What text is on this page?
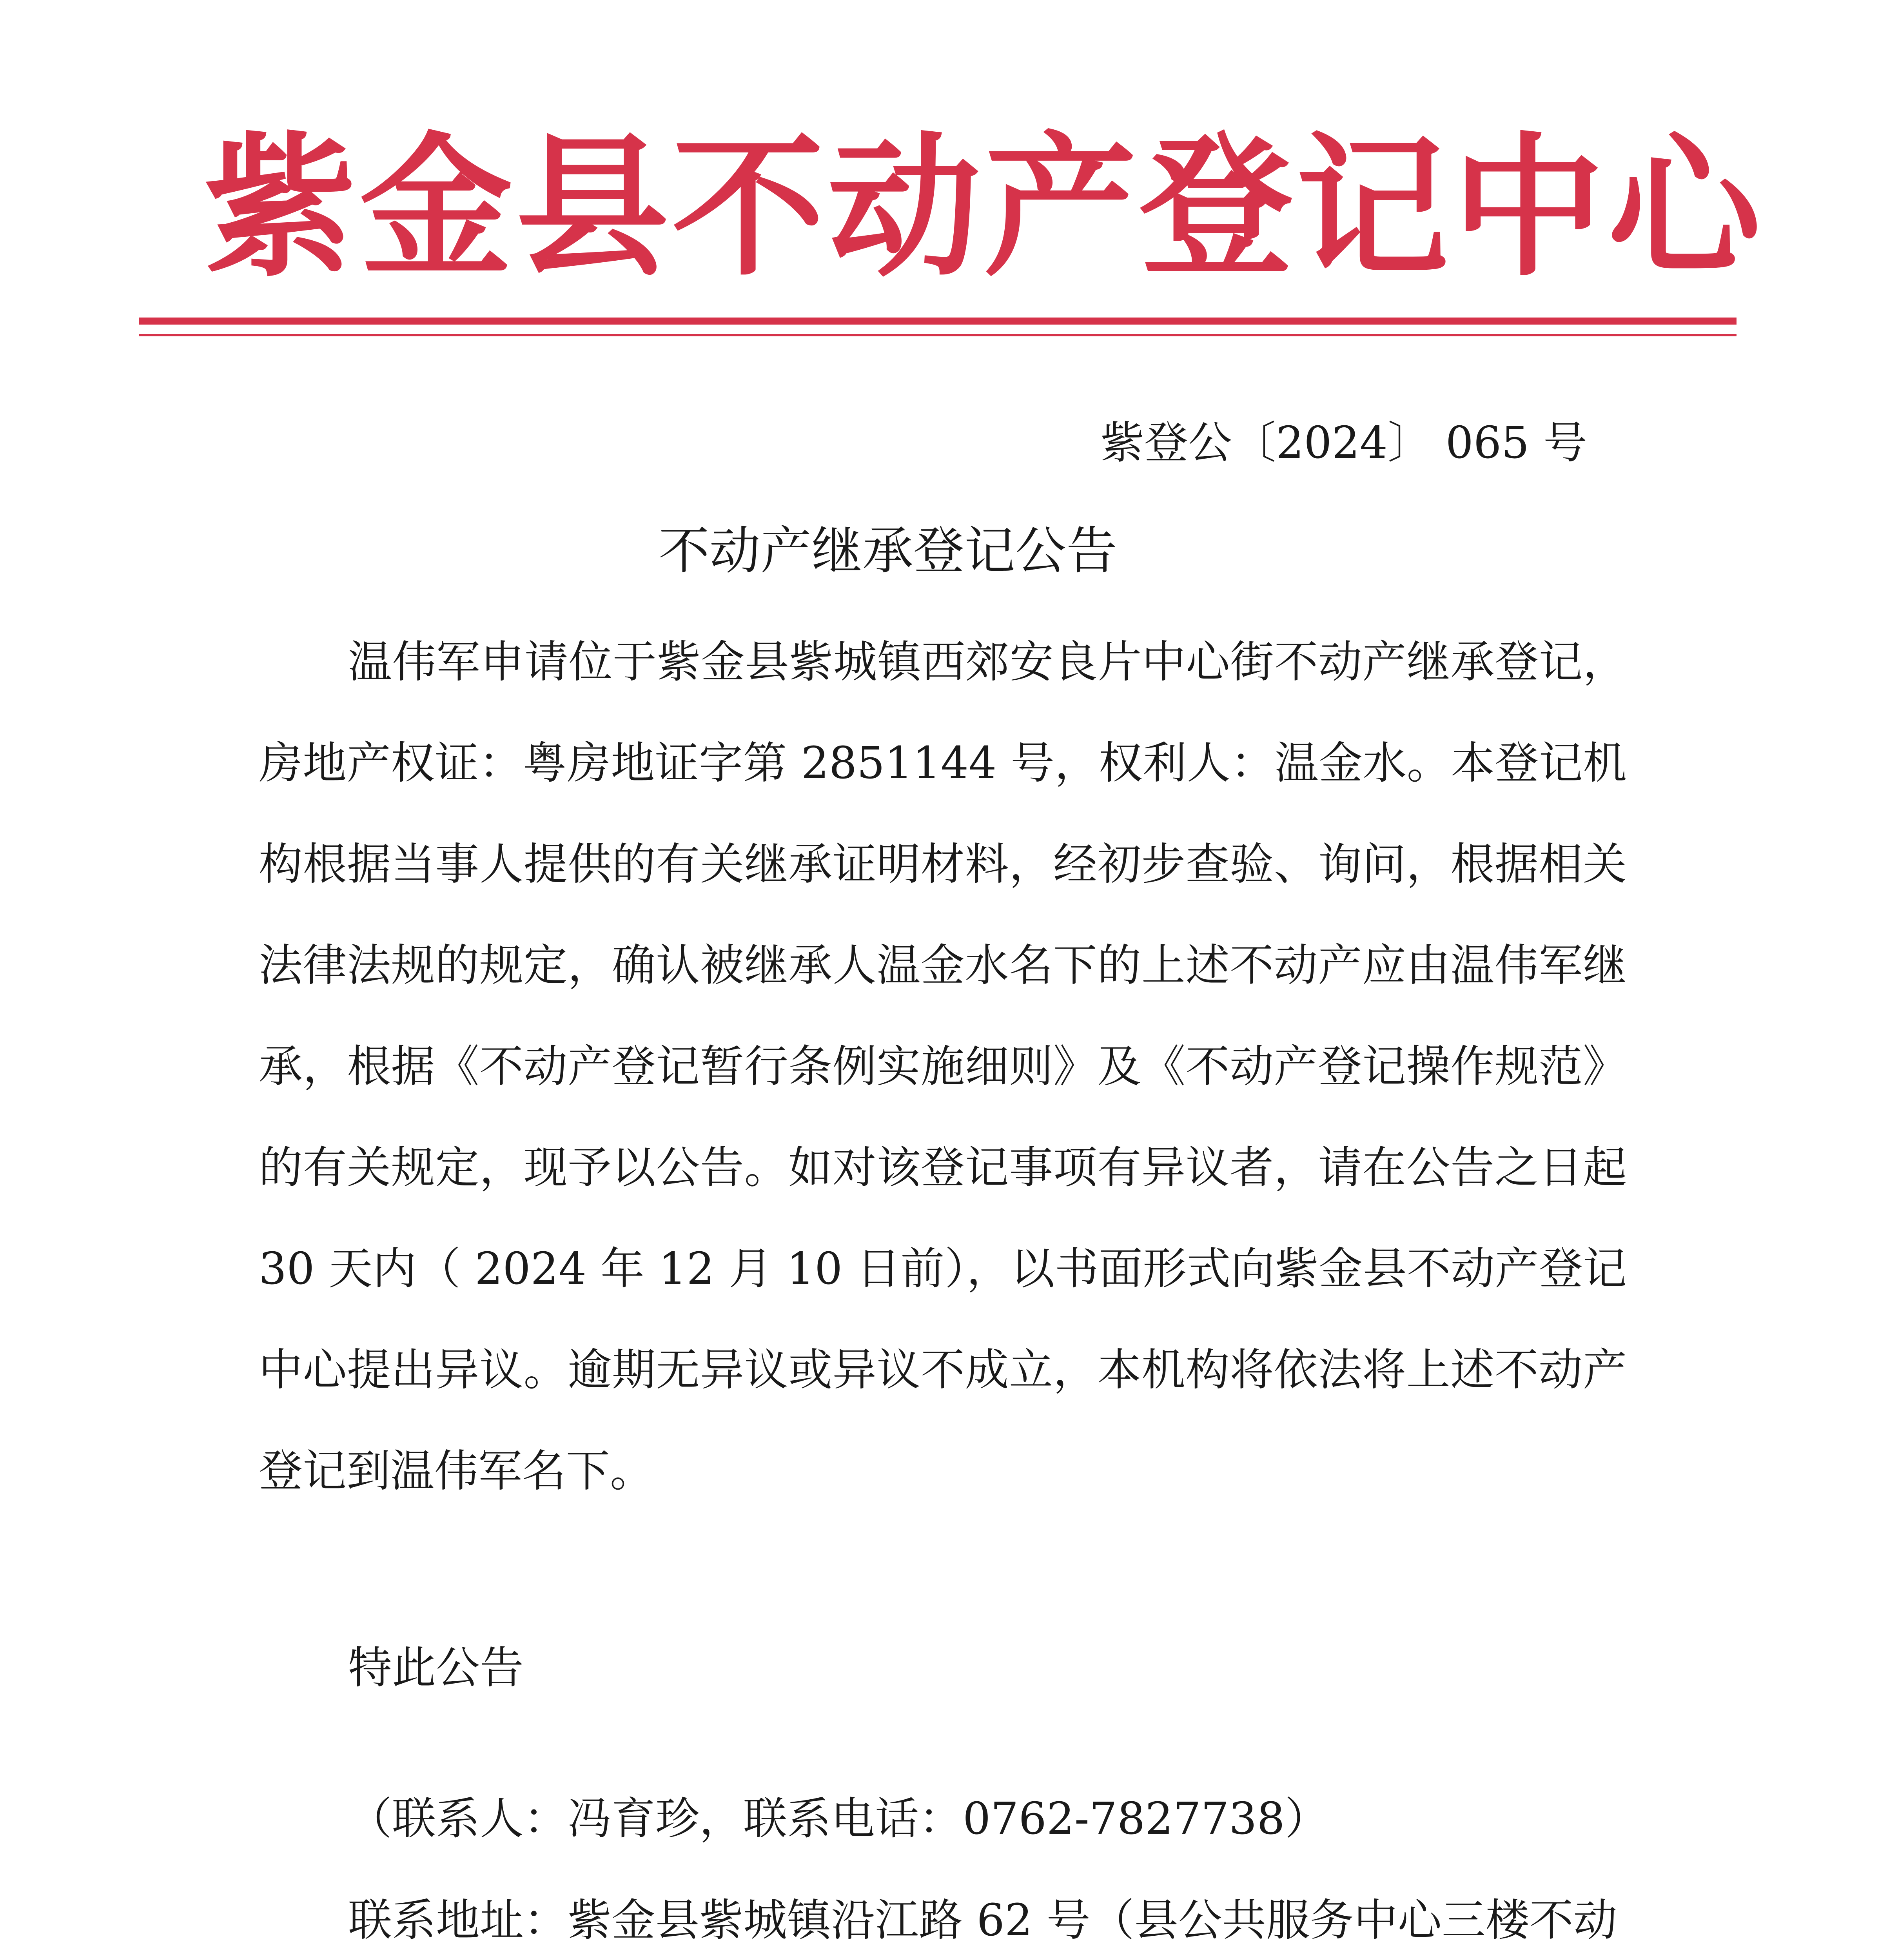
紫金县不动产登记中心
紫登公〔2024〕 065 号
不动产继承登记公告

温伟军申请位于紫金县紫城镇西郊安良片中心街不动产继承登记，房地产权证：粤房地证字第 2851144 号，权利人：温金水。本登记机构根据当事人提供的有关继承证明材料，经初步查验、询问，根据相关法律法规的规定，确认被继承人温金水名下的上述不动产应由温伟军继承，根据《不动产登记暂行条例实施细则》及《不动产登记操作规范》的有关规定，现予以公告。如对该登记事项有异议者，请在公告之日起 30 天内（ 2024 年 12 月 10 日前），以书面形式向紫金县不动产登记中心提出异议。逾期无异议或异议不成立，本机构将依法将上述不动产登记到温伟军名下。

特此公告
（联系人：冯育珍，联系电话：0762-7827738）

联系地址：紫金县紫城镇沿江路 62 号（县公共服务中心三楼不动
